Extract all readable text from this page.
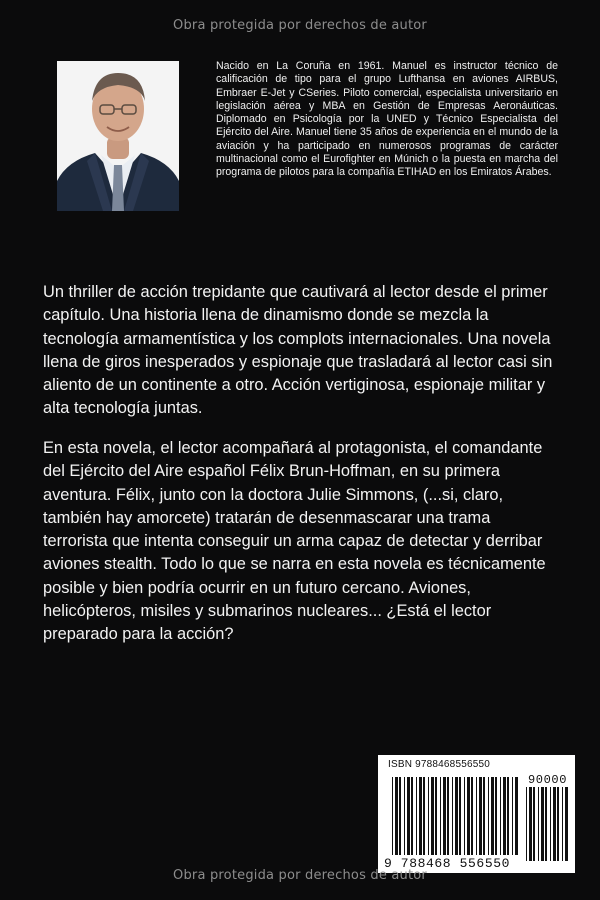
Obra protegida por derechos de autor
Nacido en La Coruña en 1961. Manuel es instructor técnico de calificación de tipo para el grupo Lufthansa en aviones AIRBUS, Embraer E-Jet y CSeries. Piloto comercial, especialista universitario en legislación aérea y MBA en Gestión de Empresas Aeronáuticas. Diplomado en Psicología por la UNED y Técnico Especialista del Ejército del Aire. Manuel tiene 35 años de experiencia en el mundo de la aviación y ha participado en numerosos programas de carácter multinacional como el Eurofighter en Múnich o la puesta en marcha del programa de pilotos para la compañía ETIHAD en los Emiratos Árabes.
Un thriller de acción trepidante que cautivará al lector desde el primer capítulo. Una historia llena de dinamismo donde se mezcla la tecnología armamentística y los complots internacionales. Una novela llena de giros inesperados y espionaje que trasladará al lector casi sin aliento de un continente a otro. Acción vertiginosa, espionaje militar y alta tecnología juntas.
En esta novela, el lector acompañará al protagonista, el comandante del Ejército del Aire español Félix Brun-Hoffman, en su primera aventura. Félix, junto con la doctora Julie Simmons, (...si, claro, también hay amorcete) tratarán de desenmascarar una trama terrorista que intenta conseguir un arma capaz de detectar y derribar aviones stealth. Todo lo que se narra en esta novela es técnicamente posible y bien podría ocurrir en un futuro cercano. Aviones, helicópteros, misiles y submarinos nucleares... ¿Está el lector preparado para la acción?
ISBN 9788468556550
90000
9 788468 556550
Obra protegida por derechos de autor
